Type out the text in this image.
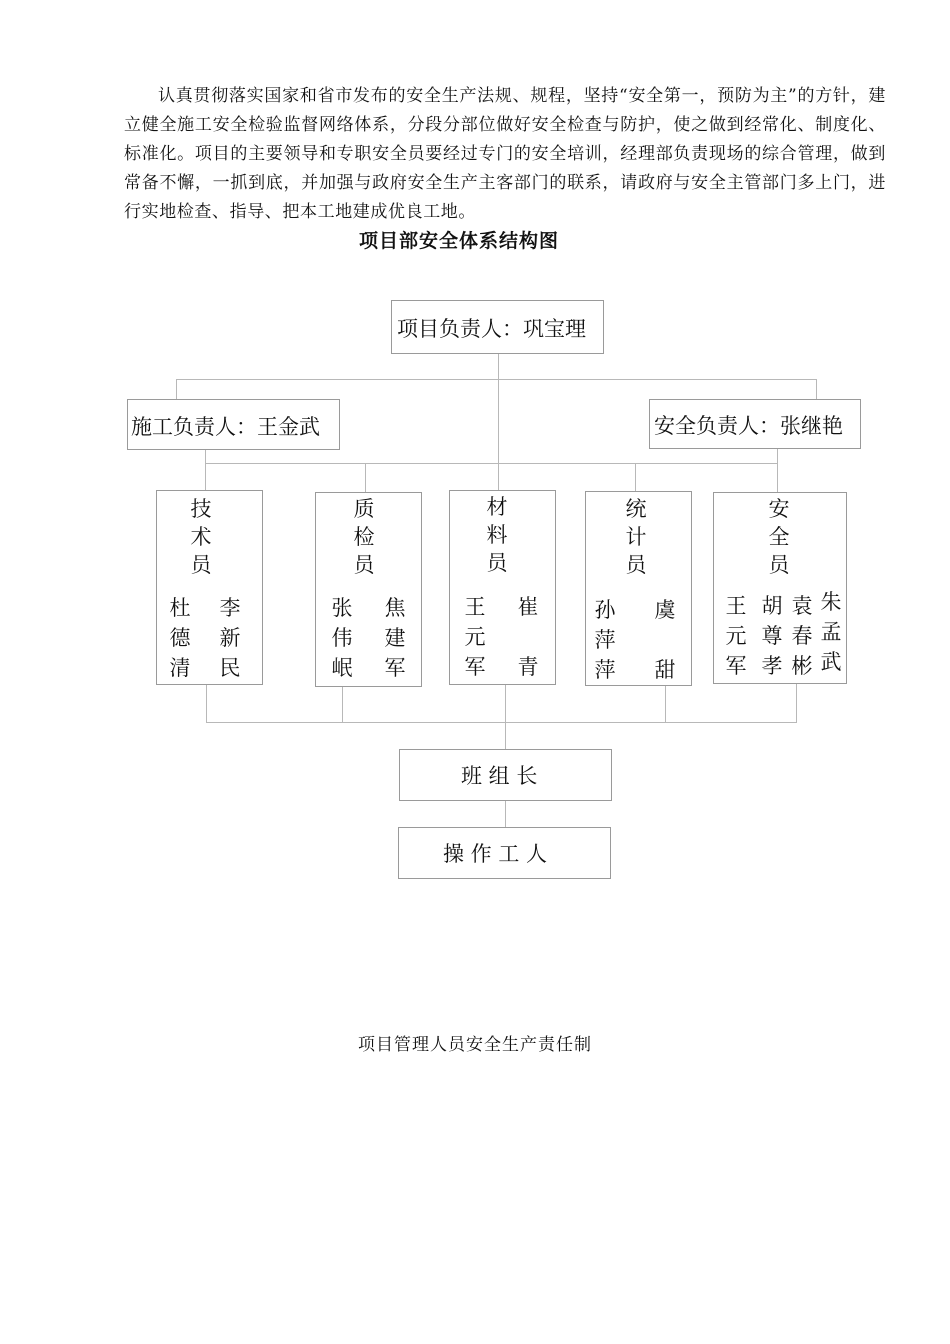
认真贯彻落实国家和省市发布的安全生产法规、规程，坚持“安全第一，预防为主”的方针，建立健全施工安全检验监督网络体系，分段分部位做好安全检查与防护，使之做到经常化、制度化、标准化。项目的主要领导和专职安全员要经过专门的安全培训，经理部负责现场的综合管理，做到常备不懈，一抓到底，并加强与政府安全生产主客部门的联系，请政府与安全主管部门多上门，进行实地检查、指导、把本工地建成优良工地。
项目部安全体系结构图
项目负责人：巩宝理
施工负责人：王金武	安全负责人：张继艳
技
术
员
杜
德
清
李
新
民
质
检
员
张
伟
岷
焦
建
军
材
料
员
王
元
军
崔

青
统
计
员
孙
萍
萍
虞

甜
安
全
员
王
元
军
胡
尊
孝
袁
春
彬
朱
孟
武
班 组 长
操 作 工 人
项目管理人员安全生产责任制
